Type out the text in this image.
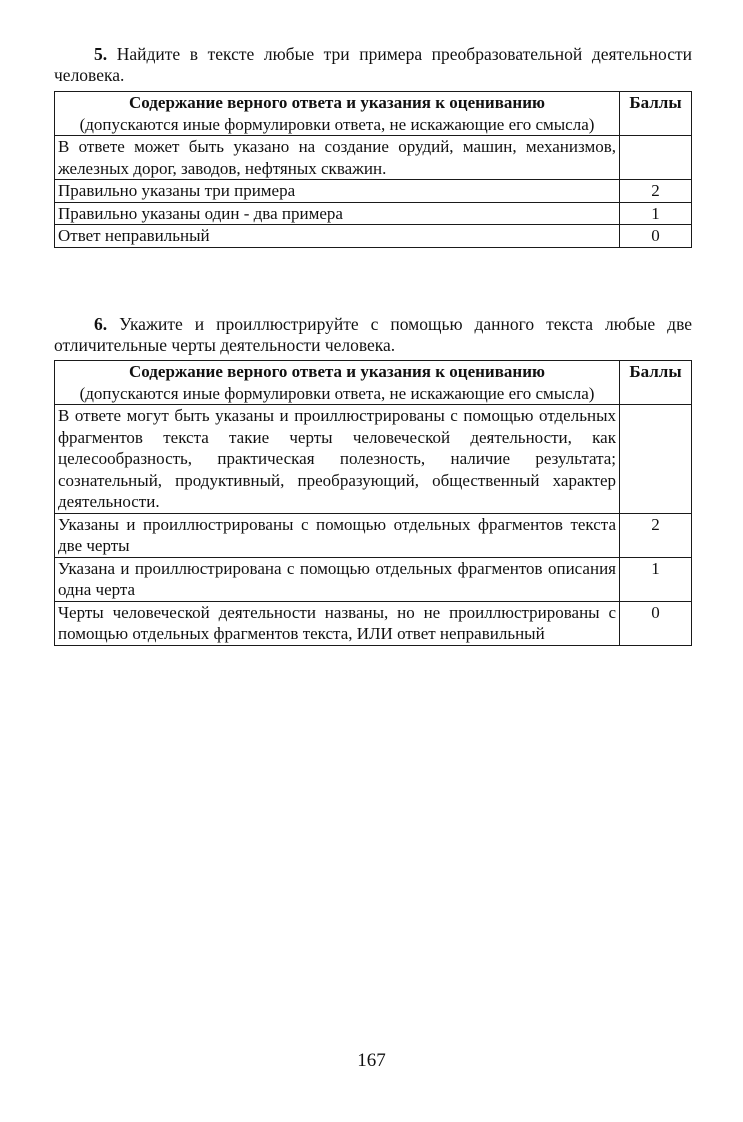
5. Найдите в тексте любые три примера преобразовательной деятельности человека.
Содержание верного ответа и указания к оцениванию
(допускаются иные формулировки ответа, не искажающие его смысла)	Баллы
В ответе может быть указано на создание орудий, машин, механизмов, железных дорог, заводов, нефтяных скважин.	
Правильно указаны три примера	2
Правильно указаны один - два примера	1
Ответ неправильный	0
6. Укажите и проиллюстрируйте с помощью данного текста любые две отличительные черты деятельности человека.
Содержание верного ответа и указания к оцениванию
(допускаются иные формулировки ответа, не искажающие его смысла)	Баллы
В ответе могут быть указаны и проиллюстрированы с помощью отдельных фрагментов текста такие черты человеческой деятельности, как целесообразность, практическая полезность, наличие результата; сознательный, продуктивный, преобразующий, общественный характер деятельности.	
Указаны и проиллюстрированы с помощью отдельных фрагментов текста две черты	2
Указана и проиллюстрирована с помощью отдельных фрагментов описания одна черта	1
Черты человеческой деятельности названы, но не проиллюстрированы с помощью отдельных фрагментов текста, ИЛИ ответ неправильный	0
167
